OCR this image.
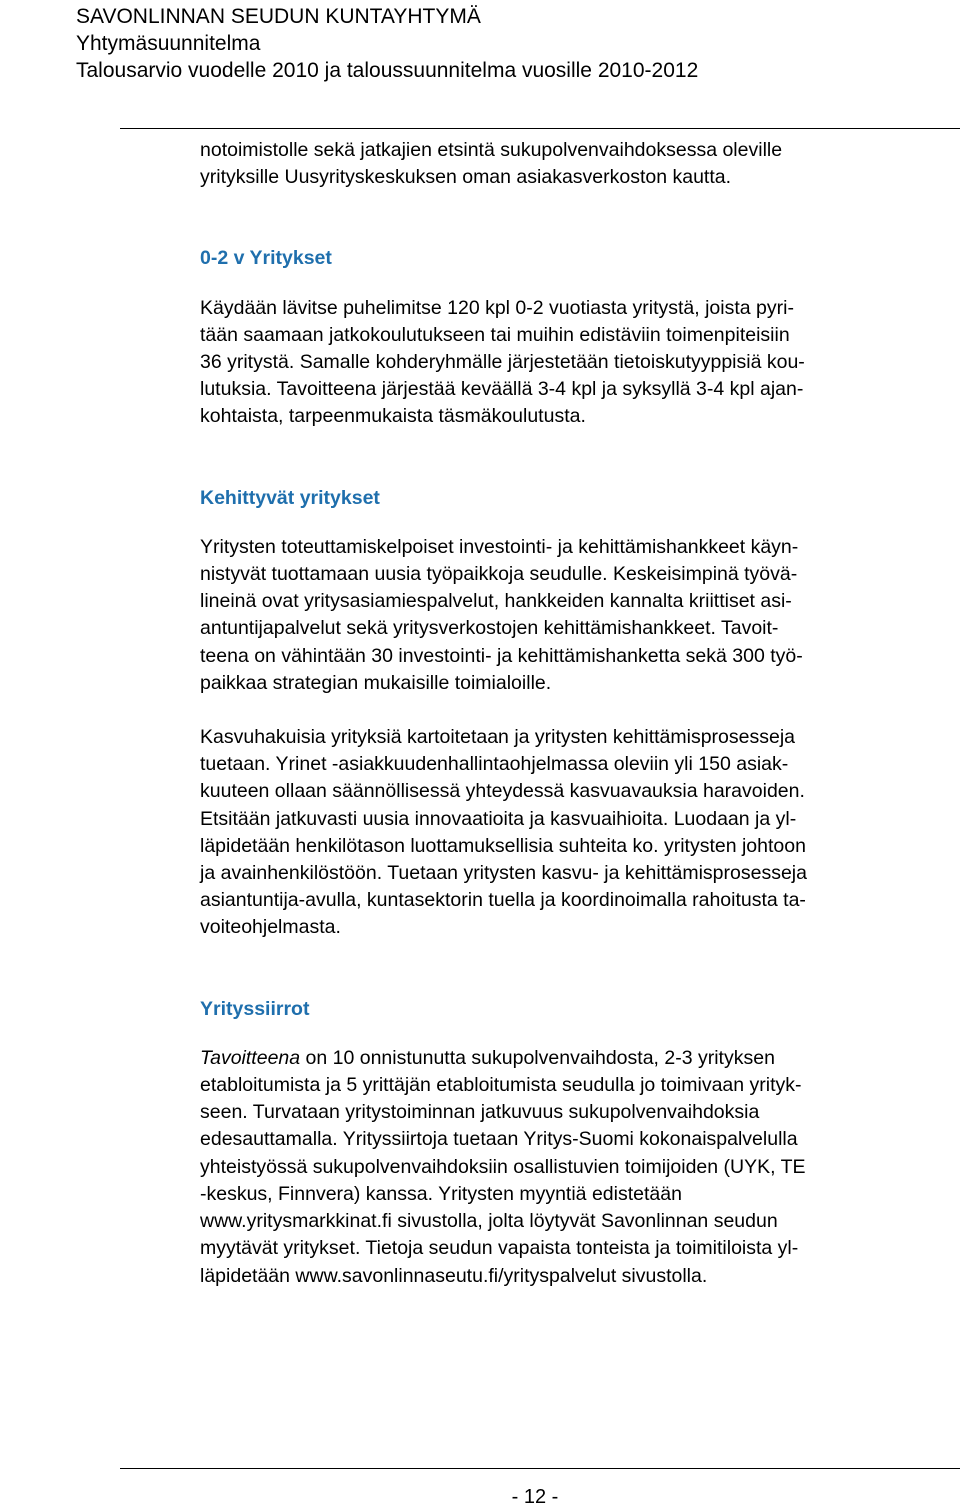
SAVONLINNAN SEUDUN KUNTAYHTYMÄ

Yhtymäsuunnitelma

Talousarvio vuodelle 2010 ja taloussuunnitelma vuosille 2010-2012

notoimistolle sekä jatkajien etsintä sukupolvenvaihdoksessa oleville
yrityksille Uusyrityskeskuksen oman asiakasverkoston kautta.

0-2 v Yritykset

Käydään lävitse puhelimitse 120 kpl 0-2 vuotiasta yritystä, joista pyri-
tään saamaan jatkokoulutukseen tai muihin edistäviin toimenpiteisiin
36 yritystä. Samalle kohderyhmälle järjestetään tietoiskutyyppisiä kou-
lutuksia. Tavoitteena järjestää keväällä 3-4 kpl ja syksyllä 3-4 kpl ajan-
kohtaista, tarpeenmukaista täsmäkoulutusta.

Kehittyvät yritykset

Yritysten toteuttamiskelpoiset investointi- ja kehittämishankkeet käyn-
nistyvät tuottamaan uusia työpaikkoja seudulle. Keskeisimpinä työvä-
lineinä ovat yritysasiamiespalvelut, hankkeiden kannalta kriittiset asi-
antuntijapalvelut sekä yritysverkostojen kehittämishankkeet. Tavoit-
teena on vähintään 30 investointi- ja kehittämishanketta sekä 300 työ-
paikkaa strategian mukaisille toimialoille.

Kasvuhakuisia yrityksiä kartoitetaan ja yritysten kehittämisprosesseja
tuetaan. Yrinet -asiakkuudenhallintaohjelmassa oleviin yli 150 asiak-
kuuteen ollaan säännöllisessä yhteydessä kasvuavauksia haravoiden.
Etsitään jatkuvasti uusia innovaatioita ja kasvuaihioita. Luodaan ja yl-
läpidetään henkilötason luottamuksellisia suhteita ko. yritysten johtoon
ja avainhenkilöstöön. Tuetaan yritysten kasvu- ja kehittämisprosesseja
asiantuntija-avulla, kuntasektorin tuella ja koordinoimalla rahoitusta ta-
voiteohjelmasta.

Yrityssiirrot

Tavoitteena on 10 onnistunutta sukupolvenvaihdosta, 2-3 yrityksen
etabloitumista ja 5 yrittäjän etabloitumista seudulla jo toimivaan yrityk-
seen. Turvataan yritystoiminnan jatkuvuus sukupolvenvaihdoksia
edesauttamalla. Yrityssiirtoja tuetaan Yritys-Suomi kokonaispalvelulla
yhteistyössä sukupolvenvaihdoksiin osallistuvien toimijoiden (UYK, TE
-keskus, Finnvera) kanssa. Yritysten myyntiä edistetään
www.yritysmarkkinat.fi sivustolla, jolta löytyvät Savonlinnan seudun
myytävät yritykset. Tietoja seudun vapaista tonteista ja toimitiloista yl-
läpidetään www.savonlinnaseutu.fi/yrityspalvelut sivustolla.

- 12 -
